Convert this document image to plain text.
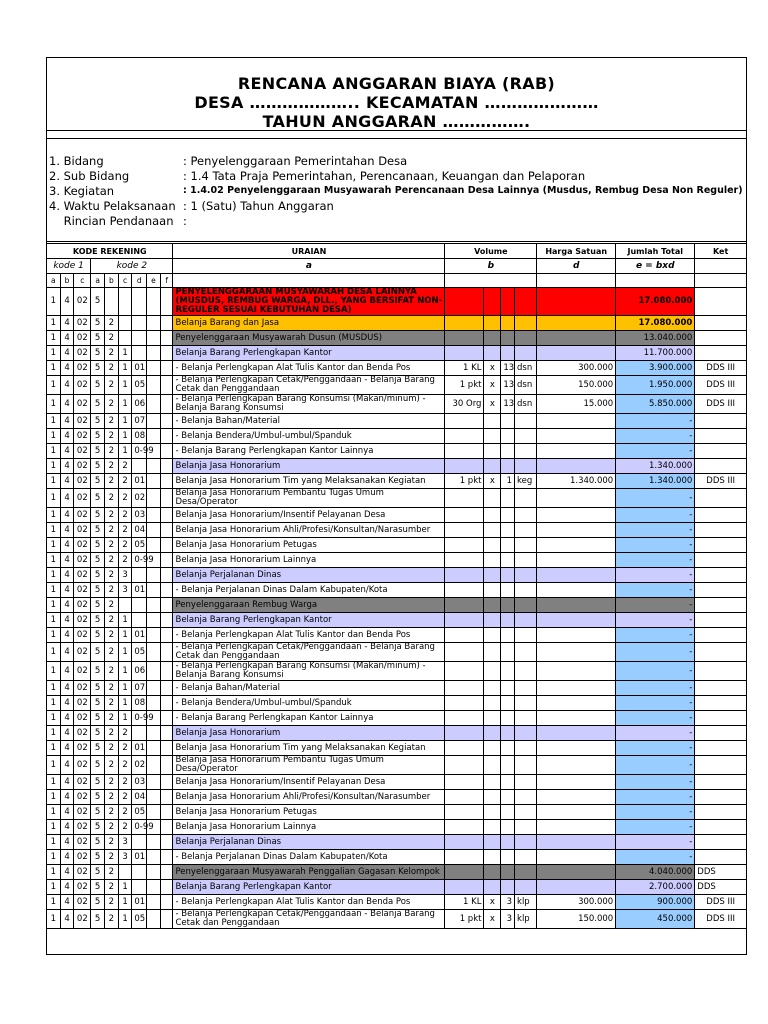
RENCANA ANGGARAN BIAYA (RAB)
DESA ……………….. KECAMATAN …………………
TAHUN ANGGARAN …………….
1. Bidang	: Penyelenggaraan Pemerintahan Desa
2. Sub Bidang	: 1.4 Tata Praja Pemerintahan, Perencanaan, Keuangan dan Pelaporan
3. Kegiatan	: 1.4.02 Penyelenggaraan Musyawarah Perencanaan Desa Lainnya (Musdus, Rembug Desa Non Reguler)
4. Waktu Pelaksanaan : 1 (Satu) Tahun Anggaran
Rincian Pendanaan :
KODE REKENING									URAIAN	Volume				Harga Satuan	Jumlah Total	Ket
kode 1			kode 2						a	b				d	e = bxd	
a	b	c	a	b	c	d	e	f								
1	4	02	5						PENYELENGGARAAN MUSYAWARAH DESA LAINNYA (MUSDUS, REMBUG WARGA, DLL., YANG BERSIFAT NON-REGULER SESUAI KEBUTUHAN DESA)						17.080.000	
1	4	02	5	2					Belanja Barang dan Jasa						17.080.000	
1	4	02	5	2					Penyelenggaraan Musyawarah Dusun (MUSDUS)						13.040.000	
1	4	02	5	2	1				Belanja Barang Perlengkapan Kantor						11.700.000	
1	4	02	5	2	1	01			- Belanja Perlengkapan Alat Tulis Kantor dan Benda Pos	1 KL	x	13	dsn	300.000	3.900.000	DDS III
1	4	02	5	2	1	05			- Belanja Perlengkapan Cetak/Penggandaan - Belanja Barang Cetak dan Penggandaan	1 pkt	x	13	dsn	150.000	1.950.000	DDS III
1	4	02	5	2	1	06			- Belanja Perlengkapan Barang Konsumsi (Makan/minum) - Belanja Barang Konsumsi	30 Org	x	13	dsn	15.000	5.850.000	DDS III
1	4	02	5	2	1	07			- Belanja Bahan/Material						-	
1	4	02	5	2	1	08			- Belanja Bendera/Umbul-umbul/Spanduk						-	
1	4	02	5	2	1	0-99			- Belanja Barang Perlengkapan Kantor Lainnya						-	
1	4	02	5	2	2				Belanja Jasa Honorarium						1.340.000	
1	4	02	5	2	2	01			Belanja Jasa Honorarium Tim yang Melaksanakan Kegiatan	1 pkt	x	1	keg	1.340.000	1.340.000	DDS III
1	4	02	5	2	2	02			Belanja Jasa Honorarium Pembantu Tugas Umum Desa/Operator						-	
1	4	02	5	2	2	03			Belanja Jasa Honorarium/Insentif Pelayanan Desa						-	
1	4	02	5	2	2	04			Belanja Jasa Honorarium Ahli/Profesi/Konsultan/Narasumber						-	
1	4	02	5	2	2	05			Belanja Jasa Honorarium Petugas						-	
1	4	02	5	2	2	0-99			Belanja Jasa Honorarium Lainnya						-	
1	4	02	5	2	3				Belanja Perjalanan Dinas						-	
1	4	02	5	2	3	01			- Belanja Perjalanan Dinas Dalam Kabupaten/Kota						-	
1	4	02	5	2					Penyelenggaraan Rembug Warga						-	
1	4	02	5	2	1				Belanja Barang Perlengkapan Kantor						-	
1	4	02	5	2	1	01			- Belanja Perlengkapan Alat Tulis Kantor dan Benda Pos						-	
1	4	02	5	2	1	05			- Belanja Perlengkapan Cetak/Penggandaan - Belanja Barang Cetak dan Penggandaan						-	
1	4	02	5	2	1	06			- Belanja Perlengkapan Barang Konsumsi (Makan/minum) - Belanja Barang Konsumsi						-	
1	4	02	5	2	1	07			- Belanja Bahan/Material						-	
1	4	02	5	2	1	08			- Belanja Bendera/Umbul-umbul/Spanduk						-	
1	4	02	5	2	1	0-99			- Belanja Barang Perlengkapan Kantor Lainnya						-	
1	4	02	5	2	2				Belanja Jasa Honorarium						-	
1	4	02	5	2	2	01			Belanja Jasa Honorarium Tim yang Melaksanakan Kegiatan						-	
1	4	02	5	2	2	02			Belanja Jasa Honorarium Pembantu Tugas Umum Desa/Operator						-	
1	4	02	5	2	2	03			Belanja Jasa Honorarium/Insentif Pelayanan Desa						-	
1	4	02	5	2	2	04			Belanja Jasa Honorarium Ahli/Profesi/Konsultan/Narasumber						-	
1	4	02	5	2	2	05			Belanja Jasa Honorarium Petugas						-	
1	4	02	5	2	2	0-99			Belanja Jasa Honorarium Lainnya						-	
1	4	02	5	2	3				Belanja Perjalanan Dinas						-	
1	4	02	5	2	3	01			- Belanja Perjalanan Dinas Dalam Kabupaten/Kota						-	
1	4	02	5	2					Penyelenggaraan Musyawarah Penggalian Gagasan Kelompok						4.040.000	DDS
1	4	02	5	2	1				Belanja Barang Perlengkapan Kantor						2.700.000	DDS
1	4	02	5	2	1	01			- Belanja Perlengkapan Alat Tulis Kantor dan Benda Pos	1 KL	x	3	klp	300.000	900.000	DDS III
1	4	02	5	2	1	05			- Belanja Perlengkapan Cetak/Penggandaan - Belanja Barang Cetak dan Penggandaan	1 pkt	x	3	klp	150.000	450.000	DDS III
